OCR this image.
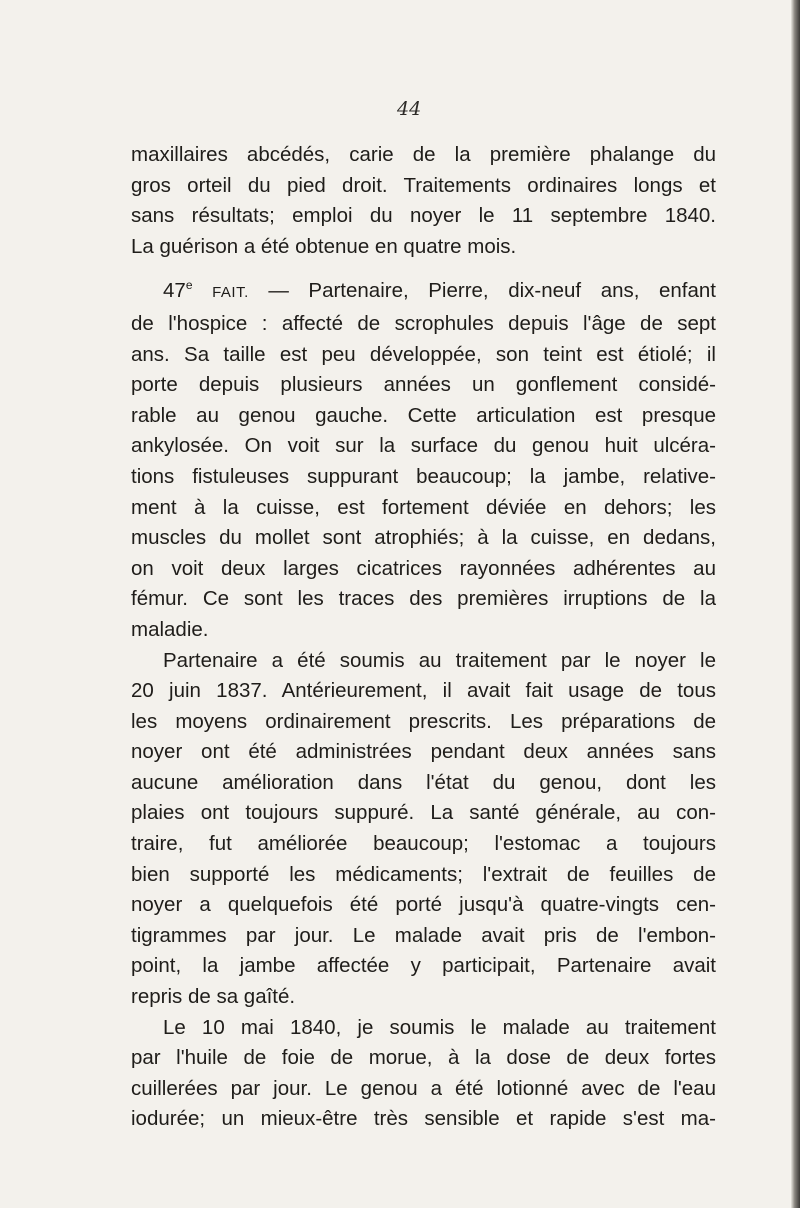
44
maxillaires abcédés, carie de la première phalange du
gros orteil du pied droit. Traitements ordinaires longs et
sans résultats; emploi du noyer le 11 septembre 1840.
La guérison a été obtenue en quatre mois.
47e FAIT. — Partenaire, Pierre, dix-neuf ans, enfant
de l'hospice : affecté de scrophules depuis l'âge de sept
ans. Sa taille est peu développée, son teint est étiolé; il
porte depuis plusieurs années un gonflement considé-
rable au genou gauche. Cette articulation est presque
ankylosée. On voit sur la surface du genou huit ulcéra-
tions fistuleuses suppurant beaucoup; la jambe, relative-
ment à la cuisse, est fortement déviée en dehors; les
muscles du mollet sont atrophiés; à la cuisse, en dedans,
on voit deux larges cicatrices rayonnées adhérentes au
fémur. Ce sont les traces des premières irruptions de la
maladie.
Partenaire a été soumis au traitement par le noyer le
20 juin 1837. Antérieurement, il avait fait usage de tous
les moyens ordinairement prescrits. Les préparations de
noyer ont été administrées pendant deux années sans
aucune amélioration dans l'état du genou, dont les
plaies ont toujours suppuré. La santé générale, au con-
traire, fut améliorée beaucoup; l'estomac a toujours
bien supporté les médicaments; l'extrait de feuilles de
noyer a quelquefois été porté jusqu'à quatre-vingts cen-
tigrammes par jour. Le malade avait pris de l'embon-
point, la jambe affectée y participait, Partenaire avait
repris de sa gaîté.
Le 10 mai 1840, je soumis le malade au traitement
par l'huile de foie de morue, à la dose de deux fortes
cuillerées par jour. Le genou a été lotionné avec de l'eau
iodurée; un mieux-être très sensible et rapide s'est ma-
